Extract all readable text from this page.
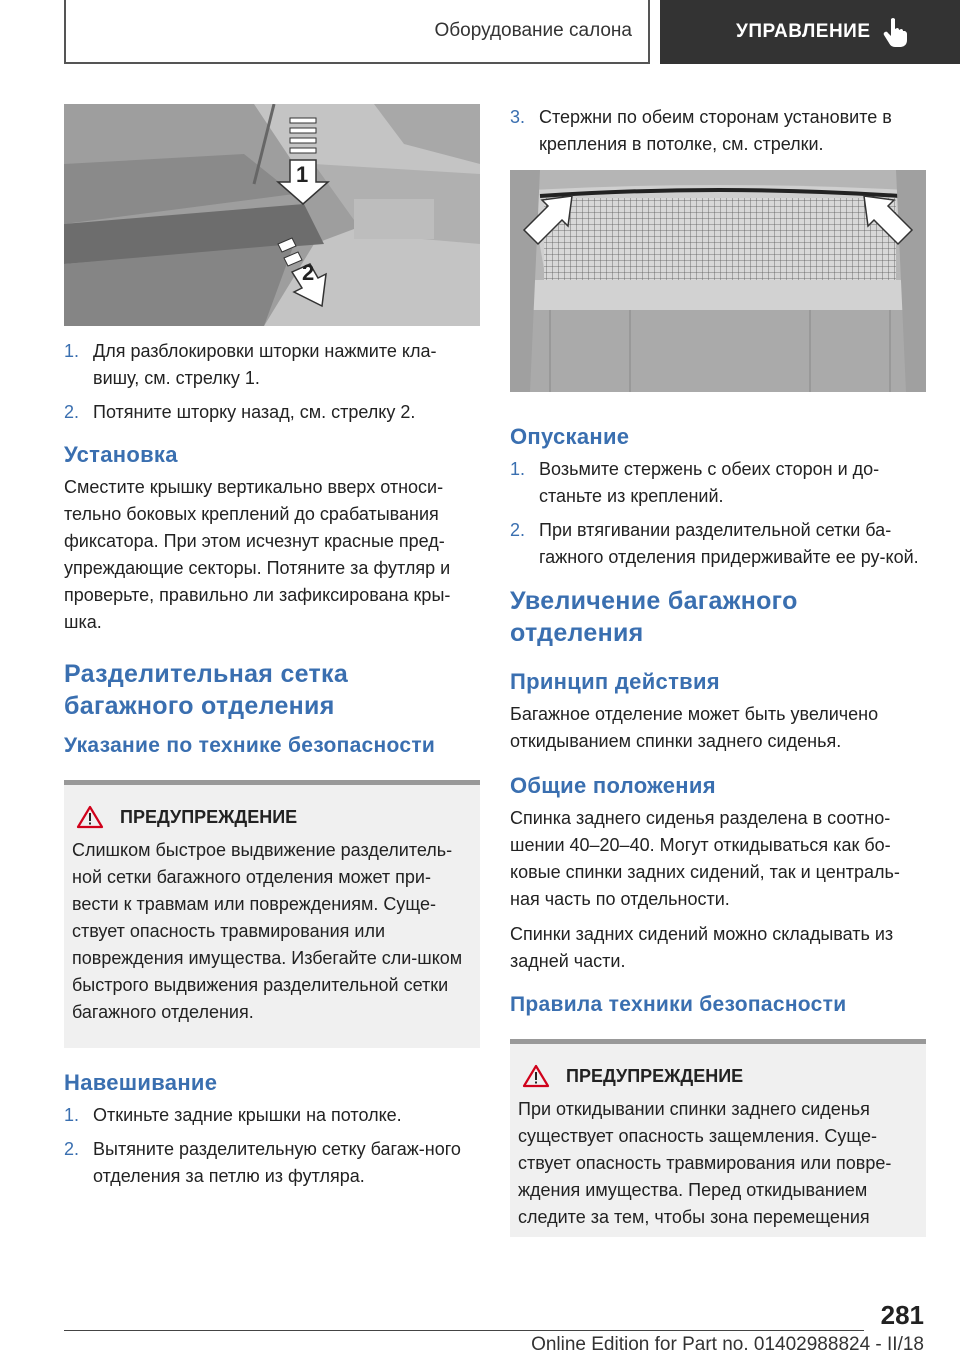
Оборудование салона	УПРАВЛЕНИЕ
1
2
1. Для разблокировки шторки нажмите кла-вишу, см. стрелку 1.
2. Потяните шторку назад, см. стрелку 2.
Установка

Сместите крышку вертикально вверх относи-тельно боковых креплений до срабатывания фиксатора. При этом исчезнут красные пред-упреждающие секторы. Потяните за футляр и проверьте, правильно ли зафиксирована кры-шка.

Разделительная сетка багажного отделения
Указание по технике безопасности
ПРЕДУПРЕЖДЕНИЕ

Слишком быстрое выдвижение разделитель-ной сетки багажного отделения может при-вести к травмам или повреждениям. Суще-ствует опасность травмирования или повреждения имущества. Избегайте сли-шком быстрого выдвижения разделительной сетки багажного отделения.

Навешивание
1. Откиньте задние крышки на потолке.
2. Вытяните разделительную сетку багаж-ного отделения за петлю из футляра.
3. Стержни по обеим сторонам установите в крепления в потолке, см. стрелки.
Опускание
1. Возьмите стержень с обеих сторон и до-станьте из креплений.
2. При втягивании разделительной сетки ба-гажного отделения придерживайте ее ру-кой.
Увеличение багажного отделения
Принцип действия

Багажное отделение может быть увеличено откидыванием спинки заднего сиденья.

Общие положения

Спинка заднего сиденья разделена в соотно-шении 40–20–40. Могут откидываться как бо-ковые спинки задних сидений, так и централь-ная часть по отдельности.

Спинки задних сидений можно складывать из задней части.

Правила техники безопасности
ПРЕДУПРЕЖДЕНИЕ

При откидывании спинки заднего сиденья существует опасность защемления. Суще-ствует опасность травмирования или повре-ждения имущества. Перед откидыванием следите за тем, чтобы зона перемещения

281
Online Edition for Part no. 01402988824 - II/18
